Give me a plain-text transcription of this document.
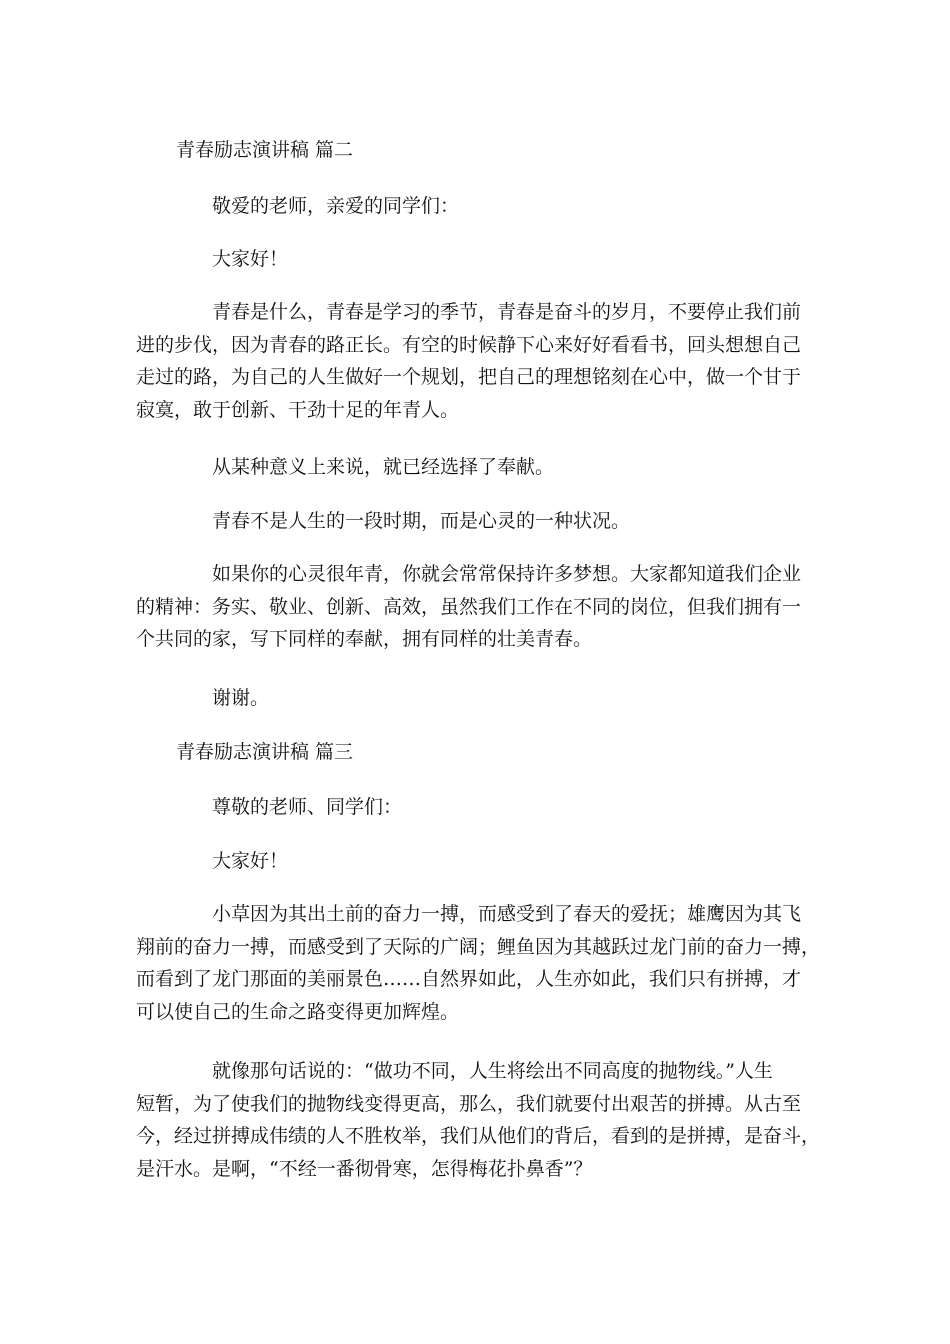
青春励志演讲稿 篇二

敬爱的老师，亲爱的同学们：

大家好！

青春是什么，青春是学习的季节，青春是奋斗的岁月，不要停止我们前
进的步伐，因为青春的路正长。有空的时候静下心来好好看看书，回头想想自己
走过的路，为自己的人生做好一个规划，把自己的理想铭刻在心中，做一个甘于
寂寞，敢于创新、干劲十足的年青人。

从某种意义上来说，就已经选择了奉献。

青春不是人生的一段时期，而是心灵的一种状况。

如果你的心灵很年青，你就会常常保持许多梦想。大家都知道我们企业
的精神：务实、敬业、创新、高效，虽然我们工作在不同的岗位，但我们拥有一
个共同的家，写下同样的奉献，拥有同样的壮美青春。

谢谢。

青春励志演讲稿 篇三

尊敬的老师、同学们：

大家好！

小草因为其出土前的奋力一搏，而感受到了春天的爱抚；雄鹰因为其飞
翔前的奋力一搏，而感受到了天际的广阔；鲤鱼因为其越跃过龙门前的奋力一搏，
而看到了龙门那面的美丽景色……自然界如此，人生亦如此，我们只有拼搏，才
可以使自己的生命之路变得更加辉煌。
就像那句话说的：“做功不同，人生将绘出不同高度的抛物线。”人生
短暂，为了使我们的抛物线变得更高，那么，我们就要付出艰苦的拼搏。从古至
今，经过拼搏成伟绩的人不胜枚举，我们从他们的背后，看到的是拼搏，是奋斗，
是汗水。是啊，“不经一番彻骨寒，怎得梅花扑鼻香”？
